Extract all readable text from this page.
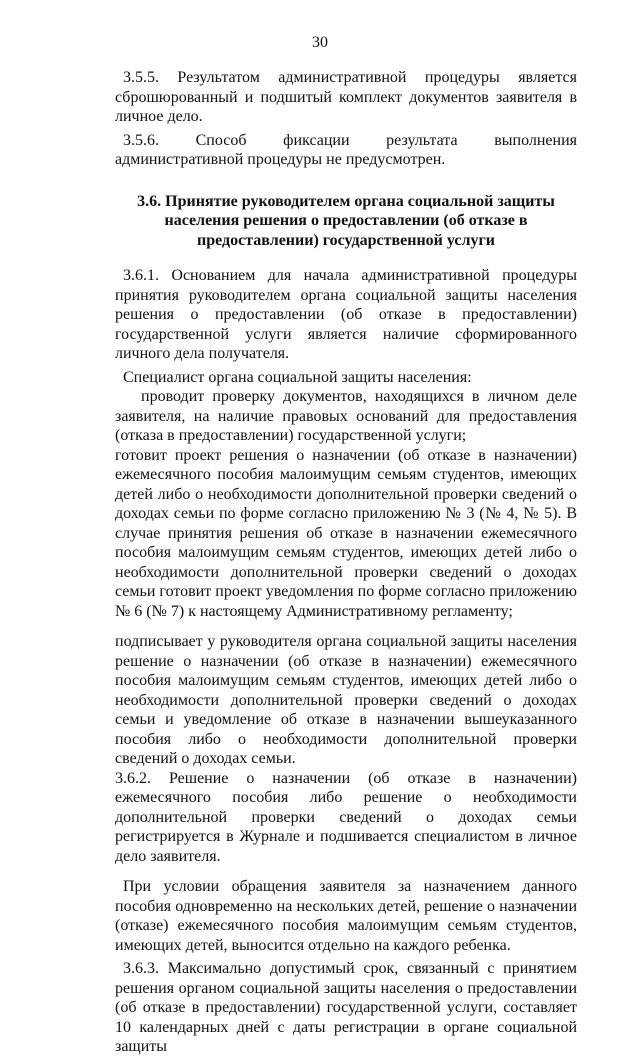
30

3.5.5. Результатом административной процедуры является сброшюрованный и подшитый комплект документов заявителя в личное дело.

3.5.6. Способ фиксации результата выполнения административной процедуры не предусмотрен.

3.6. Принятие руководителем органа социальной защиты населения решения о предоставлении (об отказе в предоставлении) государственной услуги

3.6.1. Основанием для начала административной процедуры принятия руководителем органа социальной защиты населения решения о предоставлении (об отказе в предоставлении) государственной услуги является наличие сформированного личного дела получателя.

Специалист органа социальной защиты населения:

проводит проверку документов, находящихся в личном деле заявителя, на наличие правовых оснований для предоставления (отказа в предоставлении) государственной услуги;

готовит проект решения о назначении (об отказе в назначении) ежемесячного пособия малоимущим семьям студентов, имеющих детей либо о необходимости дополнительной проверки сведений о доходах семьи по форме согласно приложению № 3 (№ 4, № 5). В случае принятия решения об отказе в назначении ежемесячного пособия малоимущим семьям студентов, имеющих детей либо о необходимости дополнительной проверки сведений о доходах семьи готовит проект уведомления по форме согласно приложению № 6 (№ 7) к настоящему Административному регламенту;

подписывает у руководителя органа социальной защиты населения решение о назначении (об отказе в назначении) ежемесячного пособия малоимущим семьям студентов, имеющих детей либо о необходимости дополнительной проверки сведений о доходах семьи и уведомление об отказе в назначении вышеуказанного пособия либо о необходимости дополнительной проверки сведений о доходах семьи.

3.6.2. Решение о назначении (об отказе в назначении) ежемесячного пособия либо решение о необходимости дополнительной проверки сведений о доходах семьи регистрируется в Журнале и подшивается специалистом в личное дело заявителя.

При условии обращения заявителя за назначением данного пособия одновременно на нескольких детей, решение о назначении (отказе) ежемесячного пособия малоимущим семьям студентов, имеющих детей, выносится отдельно на каждого ребенка.

3.6.3. Максимально допустимый срок, связанный с принятием решения органом социальной защиты населения о предоставлении (об отказе в предоставлении) государственной услуги, составляет 10 календарных дней с даты регистрации в органе социальной защиты
